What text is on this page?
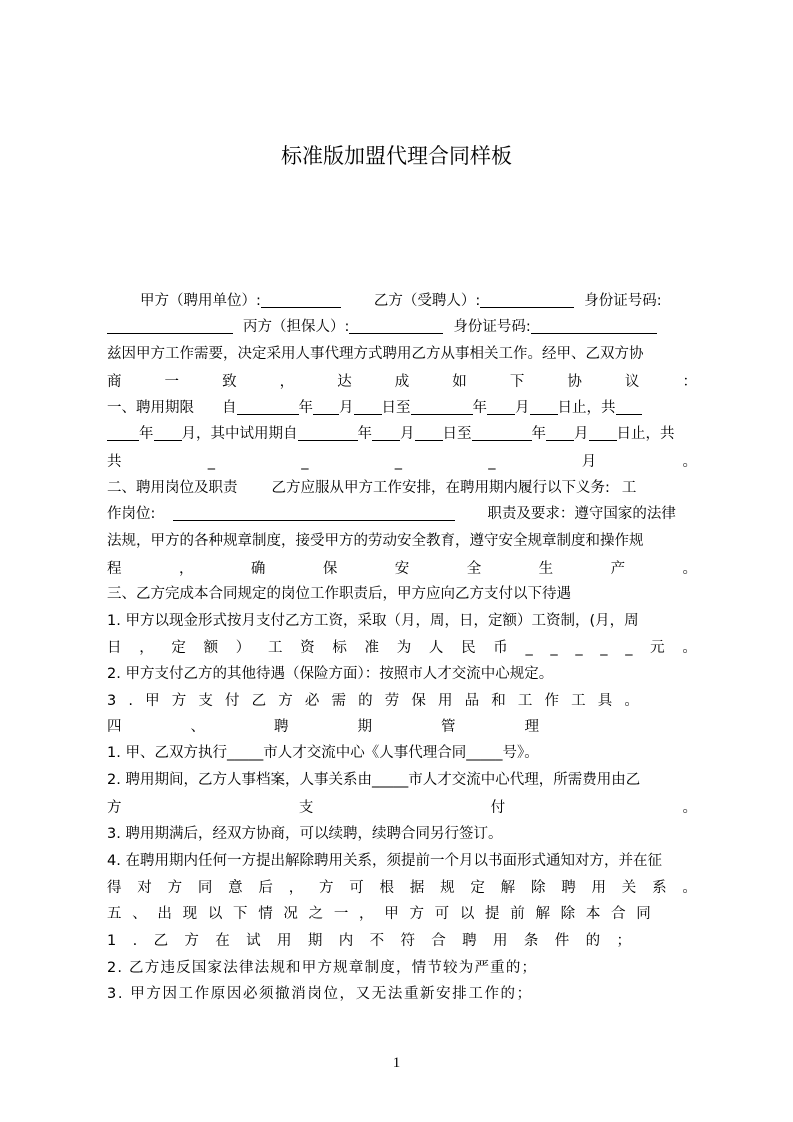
标准版加盟代理合同样板
甲方（聘用单位）:	乙方（受聘人）:	身份证号码:
丙方（担保人）:	身份证号码:
兹因甲方工作需要，决定采用人事代理方式聘用乙方从事相关工作。经甲、乙双方协
商	一	致	，	达	成	如	下	协	议	：
一、聘用期限 自	年 月 日至	年 月 日止，共
年 月，其中试用期自	年 月 日至	年 月 日止，共
共	_	_	_	_	月	。
二、聘用岗位及职责 乙方应服从甲方工作安排，在聘用期内履行以下义务: 工
作岗位:	职责及要求：遵守国家的法律
法规，甲方的各种规章制度，接受甲方的劳动安全教育，遵守安全规章制度和操作规
程	，	确	保	安	全	生	产	。
三、乙方完成本合同规定的岗位工作职责后，甲方应向乙方支付以下待遇
1. 甲方以现金形式按月支付乙方工资，采取（月，周，日，定额）工资制，(月，周
日 ， 定 额 ） 工 资 标 准 为 人 民 币 _ _ _ _ _ 元 。
2. 甲方支付乙方的其他待遇（保险方面）：按照市人才交流中心规定。
3 . 甲 方 支 付 乙 方 必 需 的 劳 保 用 品 和 工 作 工 具 。
四	、	聘	期	管	理
1. 甲、乙双方执行_____市人才交流中心《人事代理合同_____号》。
2. 聘用期间，乙方人事档案，人事关系由_____市人才交流中心代理，所需费用由乙
方	支	付	。
3. 聘用期满后，经双方协商，可以续聘，续聘合同另行签订。
4. 在聘用期内任何一方提出解除聘用关系，须提前一个月以书面形式通知对方，并在征
得 对 方 同 意 后 ， 方 可 根 据 规 定 解 除 聘 用 关 系 。
五 、 出 现 以 下 情 况 之 一 ， 甲 方 可 以 提 前 解 除 本 合 同
1 . 乙 方 在 试 用 期 内 不 符 合 聘 用 条 件 的 ；
2. 乙方违反国家法律法规和甲方规章制度，情节较为严重的；
3. 甲方因工作原因必须撤消岗位，又无法重新安排工作的；
1
